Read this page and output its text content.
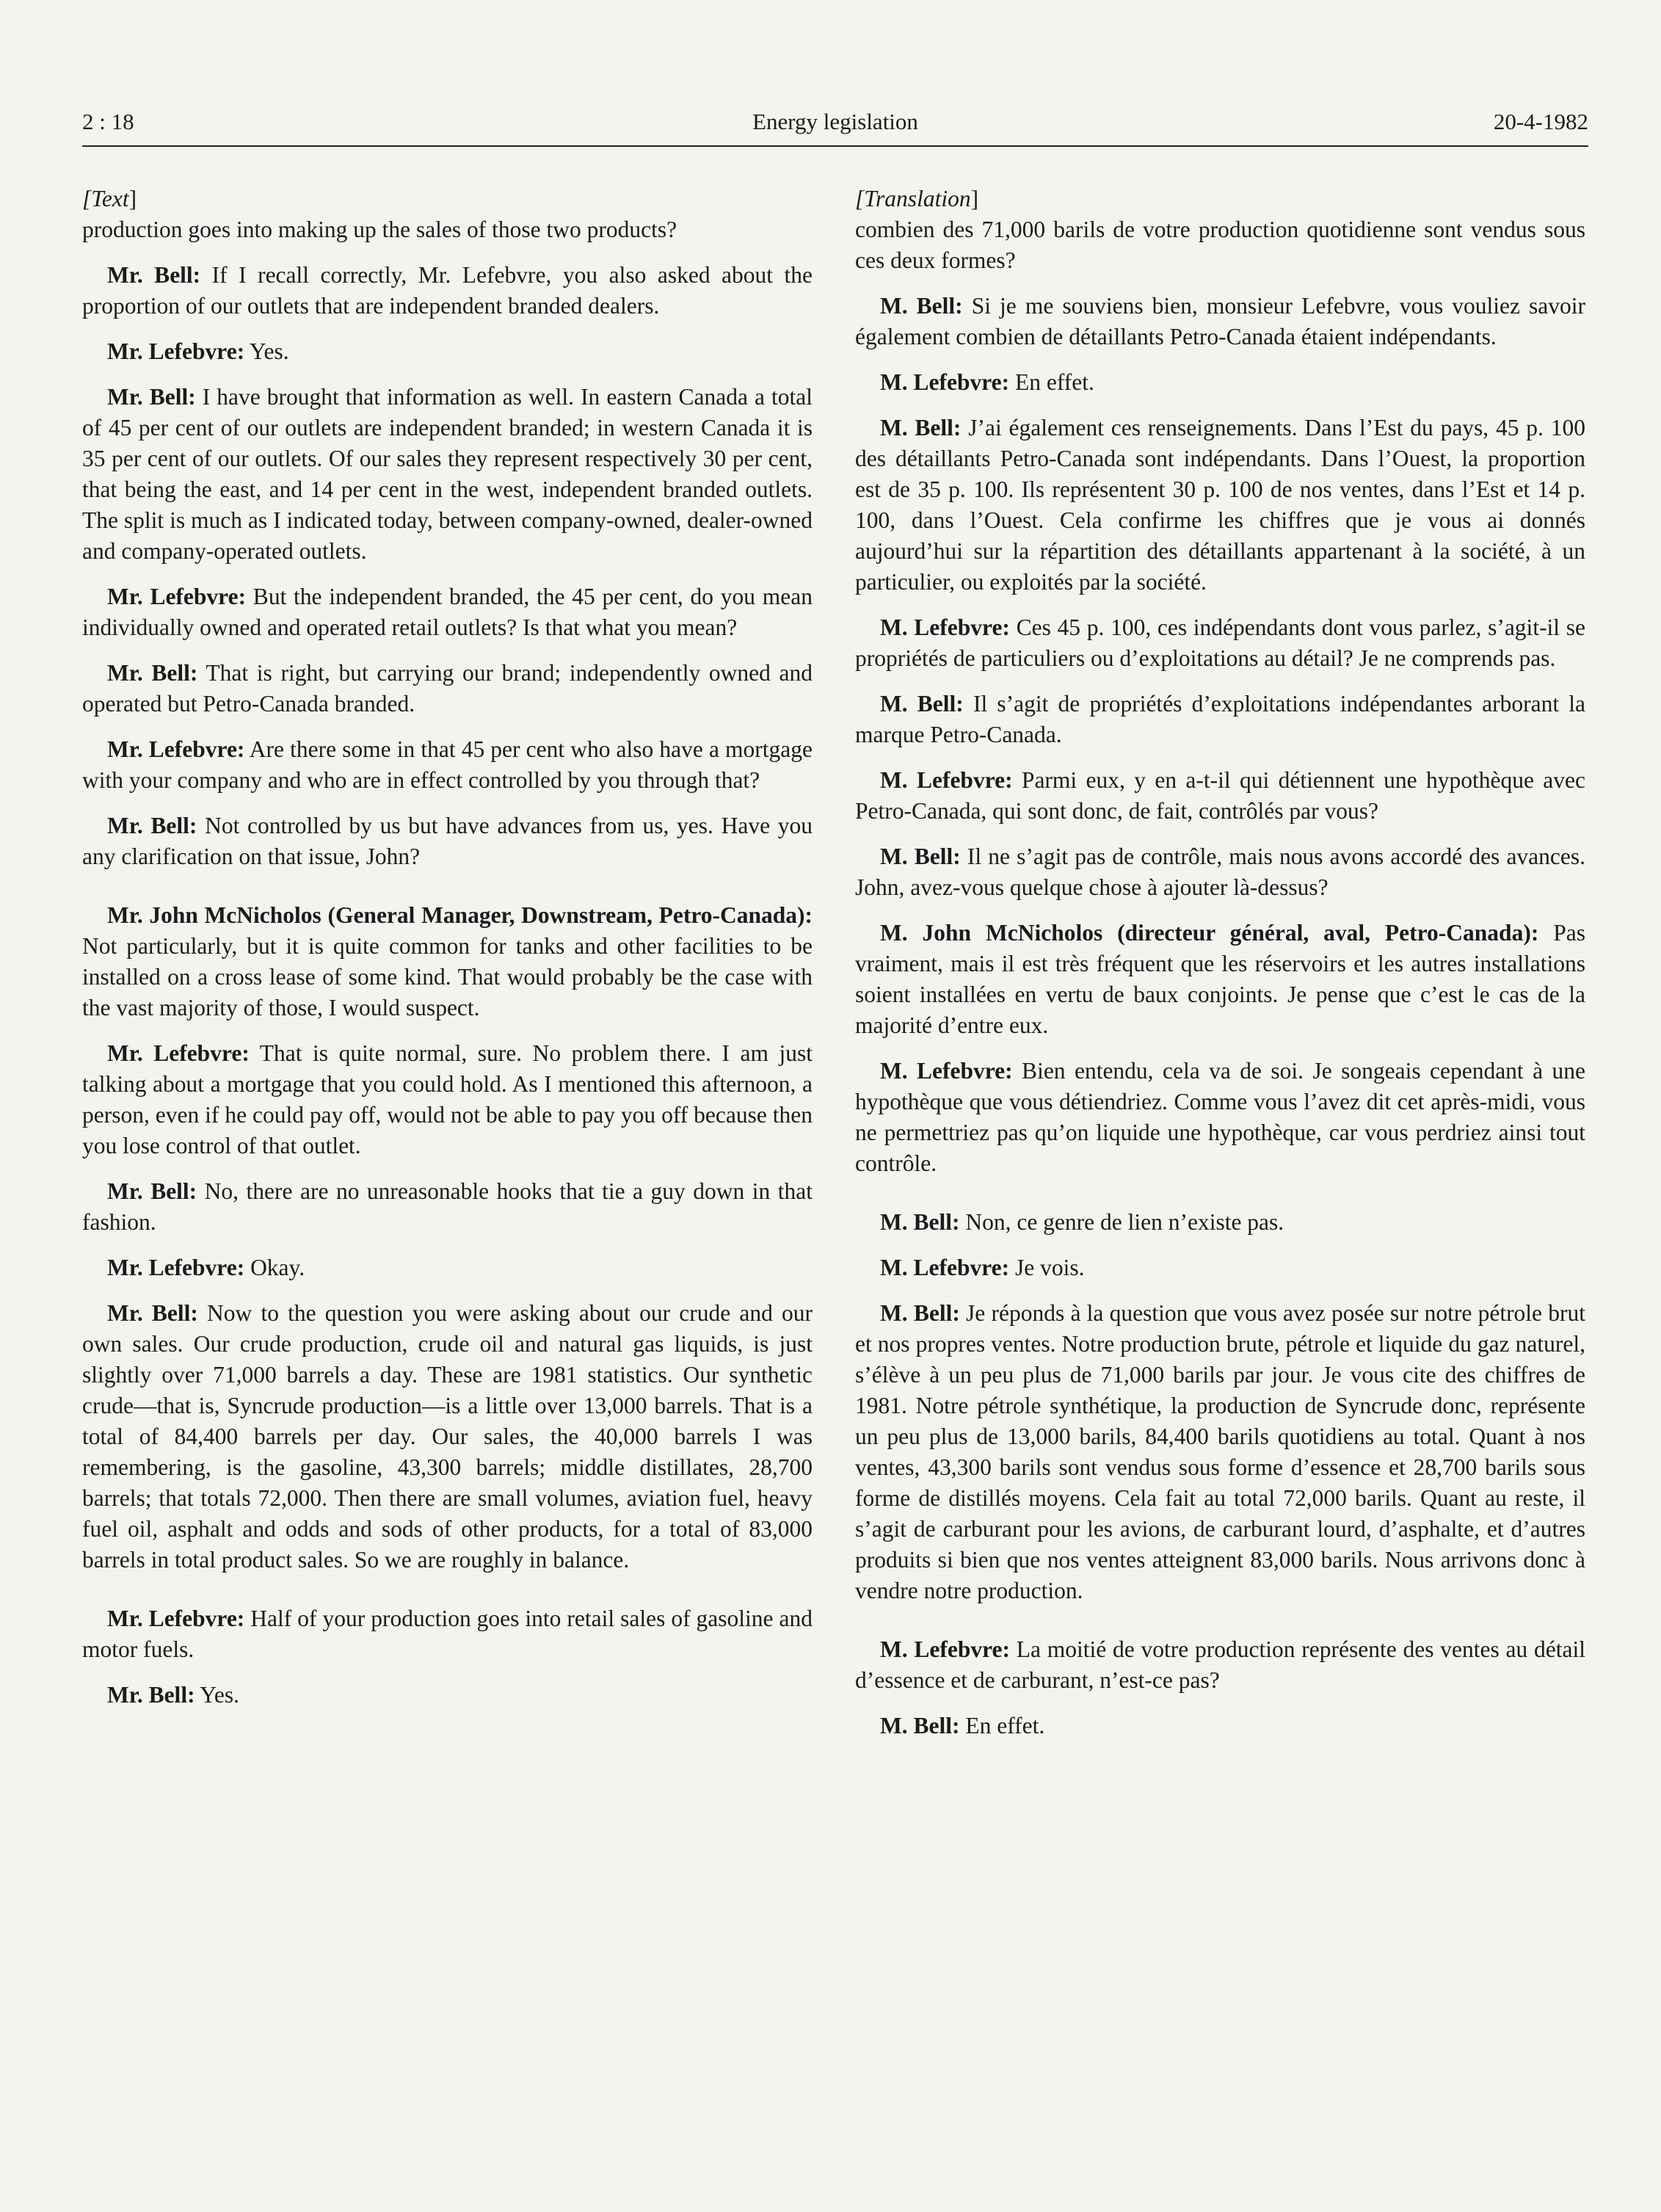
2 : 18	Energy legislation	20-4-1982

[Text]

production goes into making up the sales of those two products?

Mr. Bell: If I recall correctly, Mr. Lefebvre, you also asked about the proportion of our outlets that are independent branded dealers.

Mr. Lefebvre: Yes.

Mr. Bell: I have brought that information as well. In eastern Canada a total of 45 per cent of our outlets are independent branded; in western Canada it is 35 per cent of our outlets. Of our sales they represent respectively 30 per cent, that being the east, and 14 per cent in the west, independent branded outlets. The split is much as I indicated today, between company-owned, dealer-owned and company-operated outlets.

Mr. Lefebvre: But the independent branded, the 45 per cent, do you mean individually owned and operated retail outlets? Is that what you mean?

Mr. Bell: That is right, but carrying our brand; independently owned and operated but Petro-Canada branded.

Mr. Lefebvre: Are there some in that 45 per cent who also have a mortgage with your company and who are in effect controlled by you through that?

Mr. Bell: Not controlled by us but have advances from us, yes. Have you any clarification on that issue, John?

Mr. John McNicholos (General Manager, Downstream, Petro-Canada): Not particularly, but it is quite common for tanks and other facilities to be installed on a cross lease of some kind. That would probably be the case with the vast majority of those, I would suspect.

Mr. Lefebvre: That is quite normal, sure. No problem there. I am just talking about a mortgage that you could hold. As I mentioned this afternoon, a person, even if he could pay off, would not be able to pay you off because then you lose control of that outlet.

Mr. Bell: No, there are no unreasonable hooks that tie a guy down in that fashion.

Mr. Lefebvre: Okay.

Mr. Bell: Now to the question you were asking about our crude and our own sales. Our crude production, crude oil and natural gas liquids, is just slightly over 71,000 barrels a day. These are 1981 statistics. Our synthetic crude—that is, Syncrude production—is a little over 13,000 barrels. That is a total of 84,400 barrels per day. Our sales, the 40,000 barrels I was remembering, is the gasoline, 43,300 barrels; middle distillates, 28,700 barrels; that totals 72,000. Then there are small volumes, aviation fuel, heavy fuel oil, asphalt and odds and sods of other products, for a total of 83,000 barrels in total product sales. So we are roughly in balance.

Mr. Lefebvre: Half of your production goes into retail sales of gasoline and motor fuels.

Mr. Bell: Yes.

[Translation]

combien des 71,000 barils de votre production quotidienne sont vendus sous ces deux formes?

M. Bell: Si je me souviens bien, monsieur Lefebvre, vous vouliez savoir également combien de détaillants Petro-Canada étaient indépendants.

M. Lefebvre: En effet.

M. Bell: J’ai également ces renseignements. Dans l’Est du pays, 45 p. 100 des détaillants Petro-Canada sont indépendants. Dans l’Ouest, la proportion est de 35 p. 100. Ils représentent 30 p. 100 de nos ventes, dans l’Est et 14 p. 100, dans l’Ouest. Cela confirme les chiffres que je vous ai donnés aujourd’hui sur la répartition des détaillants appartenant à la société, à un particulier, ou exploités par la société.

M. Lefebvre: Ces 45 p. 100, ces indépendants dont vous parlez, s’agit-il se propriétés de particuliers ou d’exploitations au détail? Je ne comprends pas.

M. Bell: Il s’agit de propriétés d’exploitations indépendantes arborant la marque Petro-Canada.

M. Lefebvre: Parmi eux, y en a-t-il qui détiennent une hypothèque avec Petro-Canada, qui sont donc, de fait, contrôlés par vous?

M. Bell: Il ne s’agit pas de contrôle, mais nous avons accordé des avances. John, avez-vous quelque chose à ajouter là-dessus?

M. John McNicholos (directeur général, aval, Petro-Canada): Pas vraiment, mais il est très fréquent que les réservoirs et les autres installations soient installées en vertu de baux conjoints. Je pense que c’est le cas de la majorité d’entre eux.

M. Lefebvre: Bien entendu, cela va de soi. Je songeais cependant à une hypothèque que vous détiendriez. Comme vous l’avez dit cet après-midi, vous ne permettriez pas qu’on liquide une hypothèque, car vous perdriez ainsi tout contrôle.

M. Bell: Non, ce genre de lien n’existe pas.

M. Lefebvre: Je vois.

M. Bell: Je réponds à la question que vous avez posée sur notre pétrole brut et nos propres ventes. Notre production brute, pétrole et liquide du gaz naturel, s’élève à un peu plus de 71,000 barils par jour. Je vous cite des chiffres de 1981. Notre pétrole synthétique, la production de Syncrude donc, représente un peu plus de 13,000 barils, 84,400 barils quotidiens au total. Quant à nos ventes, 43,300 barils sont vendus sous forme d’essence et 28,700 barils sous forme de distillés moyens. Cela fait au total 72,000 barils. Quant au reste, il s’agit de carburant pour les avions, de carburant lourd, d’asphalte, et d’autres produits si bien que nos ventes atteignent 83,000 barils. Nous arrivons donc à vendre notre production.

M. Lefebvre: La moitié de votre production représente des ventes au détail d’essence et de carburant, n’est-ce pas?

M. Bell: En effet.
